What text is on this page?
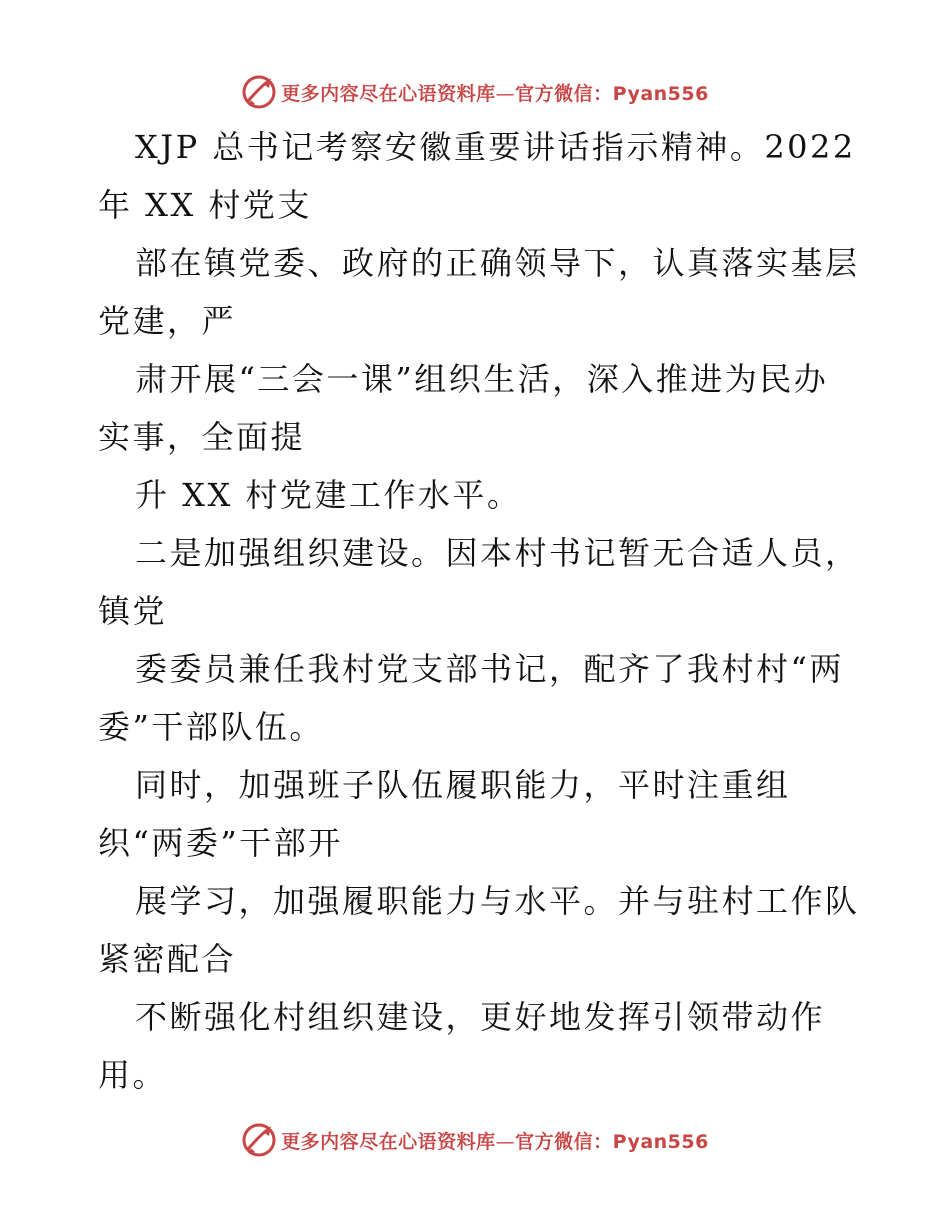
更多内容尽在心语资料库—官方微信：Pyan556
XJP 总书记考察安徽重要讲话指示精神。2022
年 XX 村党支
部在镇党委、政府的正确领导下，认真落实基层
党建，严
肃开展“三会一课”组织生活，深入推进为民办
实事，全面提
升 XX 村党建工作水平。
二是加强组织建设。因本村书记暂无合适人员，
镇党
委委员兼任我村党支部书记，配齐了我村村“两
委”干部队伍。
同时，加强班子队伍履职能力，平时注重组
织“两委”干部开
展学习，加强履职能力与水平。并与驻村工作队
紧密配合
不断强化村组织建设，更好地发挥引领带动作
用。
更多内容尽在心语资料库—官方微信：Pyan556
